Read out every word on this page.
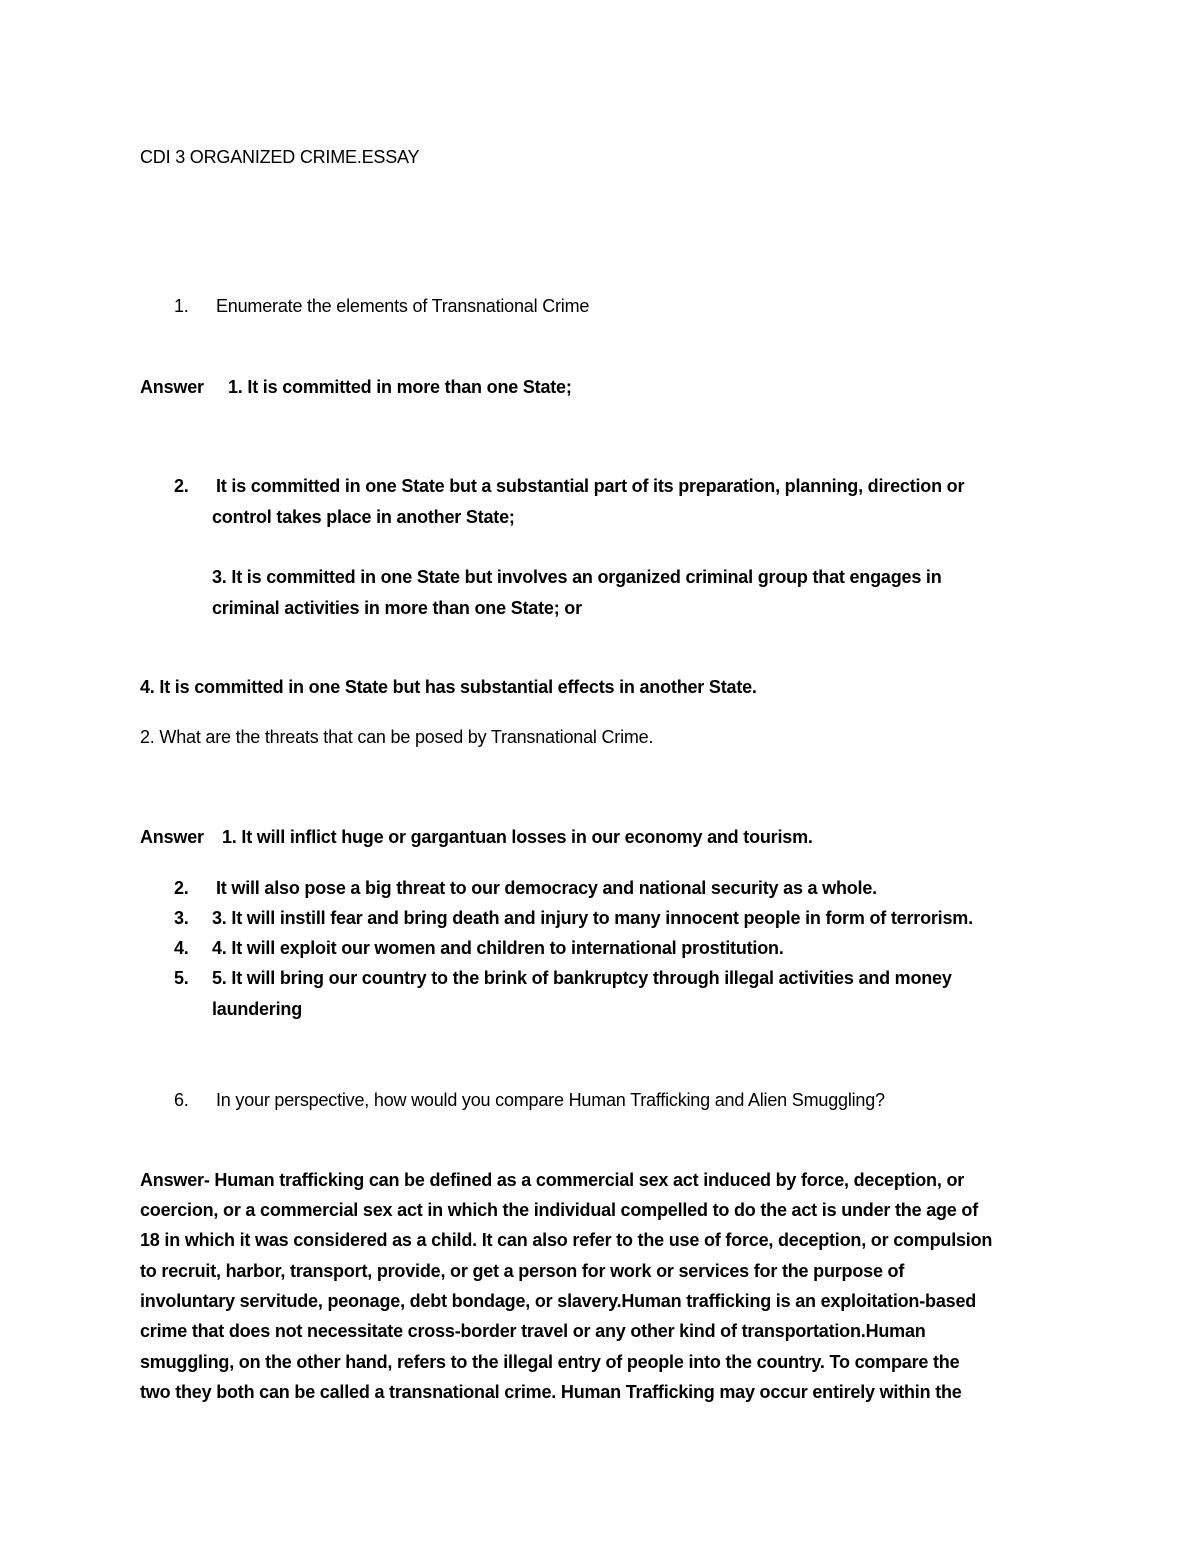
CDI 3 ORGANIZED CRIME.ESSAY
1. Enumerate the elements of Transnational Crime
Answer 1. It is committed in more than one State;
2. It is committed in one State but a substantial part of its preparation, planning, direction or
control takes place in another State;
3. It is committed in one State but involves an organized criminal group that engages in
criminal activities in more than one State; or
4. It is committed in one State but has substantial effects in another State.
2. What are the threats that can be posed by Transnational Crime.
Answer 1. It will inflict huge or gargantuan losses in our economy and tourism.
2. It will also pose a big threat to our democracy and national security as a whole.
3. 3. It will instill fear and bring death and injury to many innocent people in form of terrorism.
4. 4. It will exploit our women and children to international prostitution.
5. 5. It will bring our country to the brink of bankruptcy through illegal activities and money
laundering
6. In your perspective, how would you compare Human Trafficking and Alien Smuggling?
Answer- Human trafficking can be defined as a commercial sex act induced by force, deception, or
coercion, or a commercial sex act in which the individual compelled to do the act is under the age of
18 in which it was considered as a child. It can also refer to the use of force, deception, or compulsion
to recruit, harbor, transport, provide, or get a person for work or services for the purpose of
involuntary servitude, peonage, debt bondage, or slavery.Human trafficking is an exploitation-based
crime that does not necessitate cross-border travel or any other kind of transportation.Human
smuggling, on the other hand, refers to the illegal entry of people into the country. To compare the
two they both can be called a transnational crime. Human Trafficking may occur entirely within the
